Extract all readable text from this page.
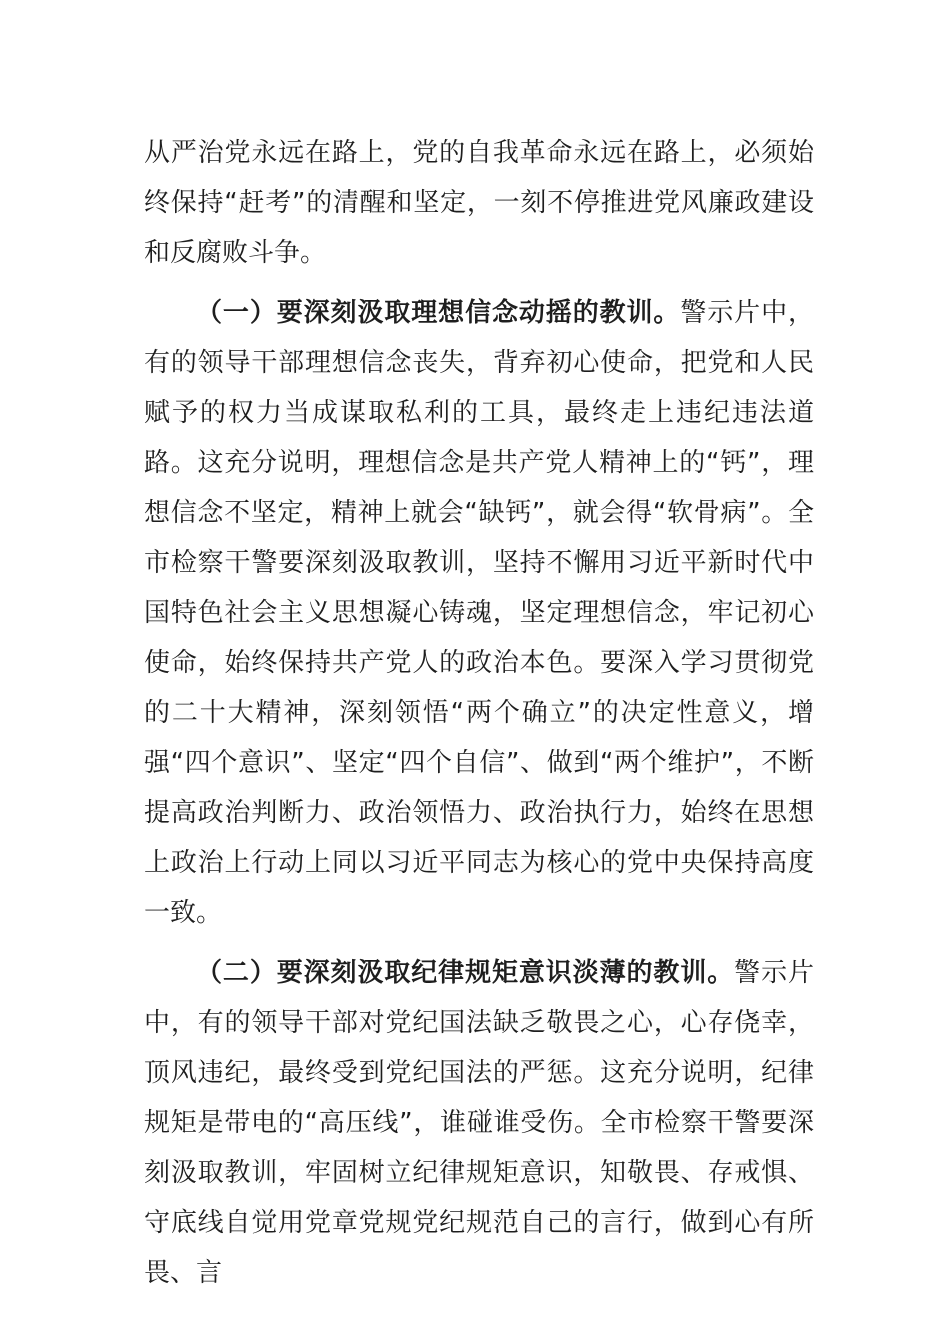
从严治党永远在路上，党的自我革命永远在路上，必须始终保持“赶考”的清醒和坚定，一刻不停推进党风廉政建设和反腐败斗争。

（一）要深刻汲取理想信念动摇的教训。警示片中，有的领导干部理想信念丧失，背弃初心使命，把党和人民赋予的权力当成谋取私利的工具，最终走上违纪违法道路。这充分说明，理想信念是共产党人精神上的“钙”，理想信念不坚定，精神上就会“缺钙”，就会得“软骨病”。全市检察干警要深刻汲取教训，坚持不懈用习近平新时代中国特色社会主义思想凝心铸魂，坚定理想信念，牢记初心使命，始终保持共产党人的政治本色。要深入学习贯彻党的二十大精神，深刻领悟“两个确立”的决定性意义，增强“四个意识”、坚定“四个自信”、做到“两个维护”，不断提高政治判断力、政治领悟力、政治执行力，始终在思想上政治上行动上同以习近平同志为核心的党中央保持高度一致。

（二）要深刻汲取纪律规矩意识淡薄的教训。警示片中，有的领导干部对党纪国法缺乏敬畏之心，心存侥幸，顶风违纪，最终受到党纪国法的严惩。这充分说明，纪律规矩是带电的“高压线”，谁碰谁受伤。全市检察干警要深刻汲取教训，牢固树立纪律规矩意识，知敬畏、存戒惧、守底线自觉用党章党规党纪规范自己的言行，做到心有所畏、言
